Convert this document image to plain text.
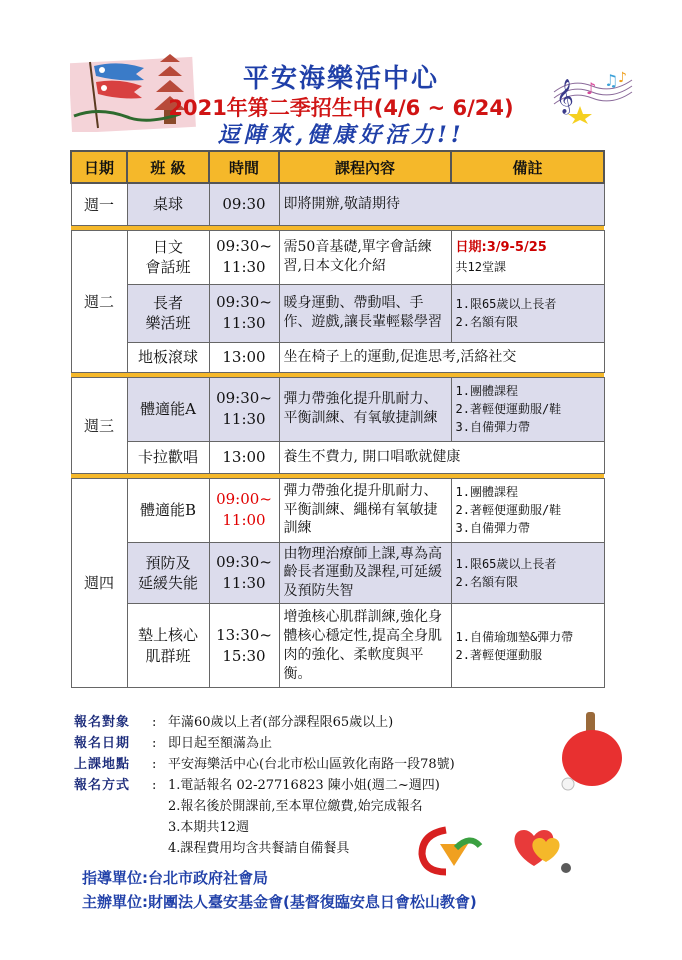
𝄞 ♪ ♫ ♪
平安海樂活中心
2021年第二季招生中(4/6 ~ 6/24)
逗陣來,健康好活力!!
日期	班 級	時間	課程內容	備註
週一	桌球	09:30	即將開辦,敬請期待	

週二	日文
會話班	09:30~
11:30	需50音基礎,單字會話練習,日本文化介紹	日期:3/9-5/25
共12堂課
	長者
樂活班	09:30~
11:30	暖身運動、帶動唱、手作、遊戲,讓長輩輕鬆學習	1.限65歲以上長者
2.名額有限
	地板滾球	13:00	坐在椅子上的運動,促進思考,活絡社交	

週三	體適能A	09:30~
11:30	彈力帶強化提升肌耐力、平衡訓練、有氧敏捷訓練	1.團體課程
2.著輕便運動服/鞋
3.自備彈力帶
	卡拉歡唱	13:00	養生不費力, 開口唱歌就健康	

週四	體適能B	09:00~
11:00	彈力帶強化提升肌耐力、平衡訓練、繩梯有氧敏捷訓練	1.團體課程
2.著輕便運動服/鞋
3.自備彈力帶
	預防及
延緩失能	09:30~
11:30	由物理治療師上課,專為高齡長者運動及課程,可延緩及預防失智	1.限65歲以上長者
2.名額有限
	墊上核心
肌群班	13:30~
15:30	增強核心肌群訓練,強化身體核心穩定性,提高全身肌肉的強化、柔軟度與平衡。	1.自備瑜珈墊&彈力帶
2.著輕便運動服
報名對象 : 年滿60歲以上者(部分課程限65歲以上)
報名日期 : 即日起至額滿為止
上課地點 : 平安海樂活中心(台北市松山區敦化南路一段78號)
報名方式 : 1.電話報名 02-27716823 陳小姐(週二~週四)
2.報名後於開課前,至本單位繳費,始完成報名
3.本期共12週
4.課程費用均含共餐請自備餐具
指導單位:台北市政府社會局
主辦單位:財團法人臺安基金會(基督復臨安息日會松山教會)
